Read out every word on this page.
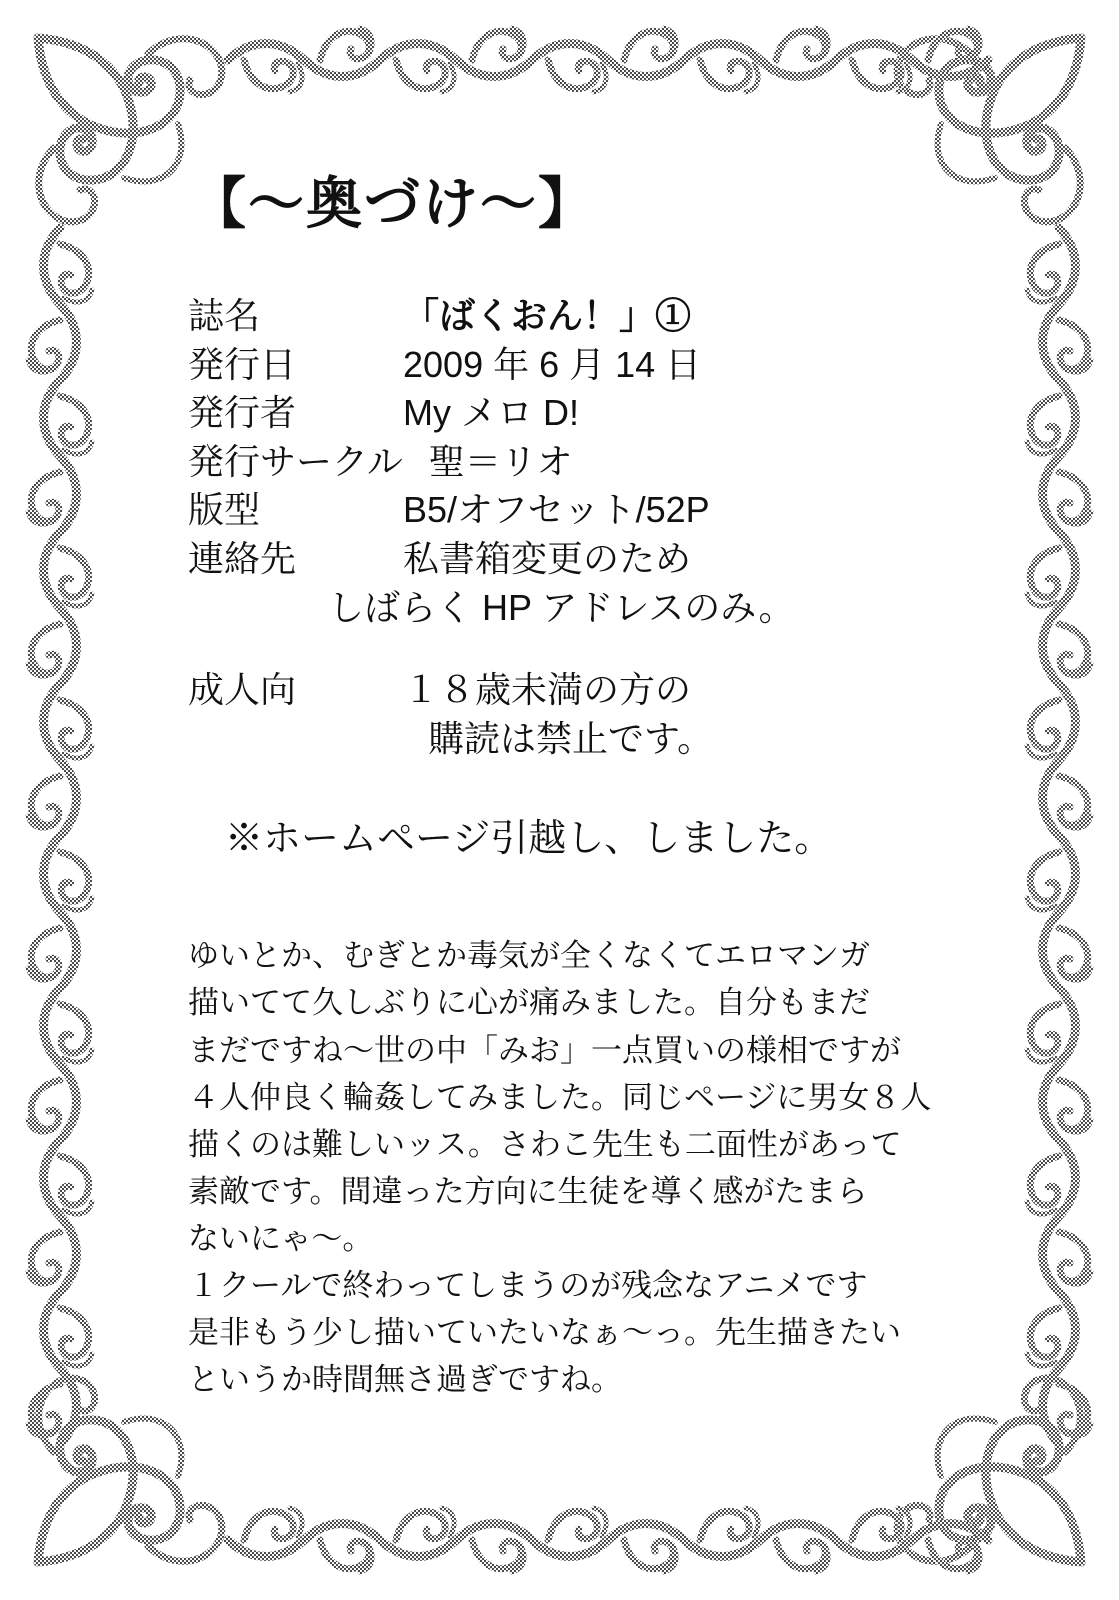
【～奥づけ～】
誌名	「ばくおん！」①
発行日	2009 年 6 月 14 日
発行者	My メロ D!
発行サークル 聖＝リオ
版型	B5/オフセット/52P
連絡先	私書箱変更のため
しばらく HP アドレスのみ。
成人向	１８歳未満の方の
購読は禁止です。
※ホームページ引越し、しました。

ゆいとか、むぎとか毒気が全くなくてエロマンガ

描いてて久しぶりに心が痛みました。自分もまだ

まだですね～世の中「みお」一点買いの様相ですが

４人仲良く輪姦してみました。同じページに男女８人

描くのは難しいッス。さわこ先生も二面性があって

素敵です。間違った方向に生徒を導く感がたまら

ないにゃ～。

１クールで終わってしまうのが残念なアニメです

是非もう少し描いていたいなぁ～っ。先生描きたい

というか時間無さ過ぎですね。
